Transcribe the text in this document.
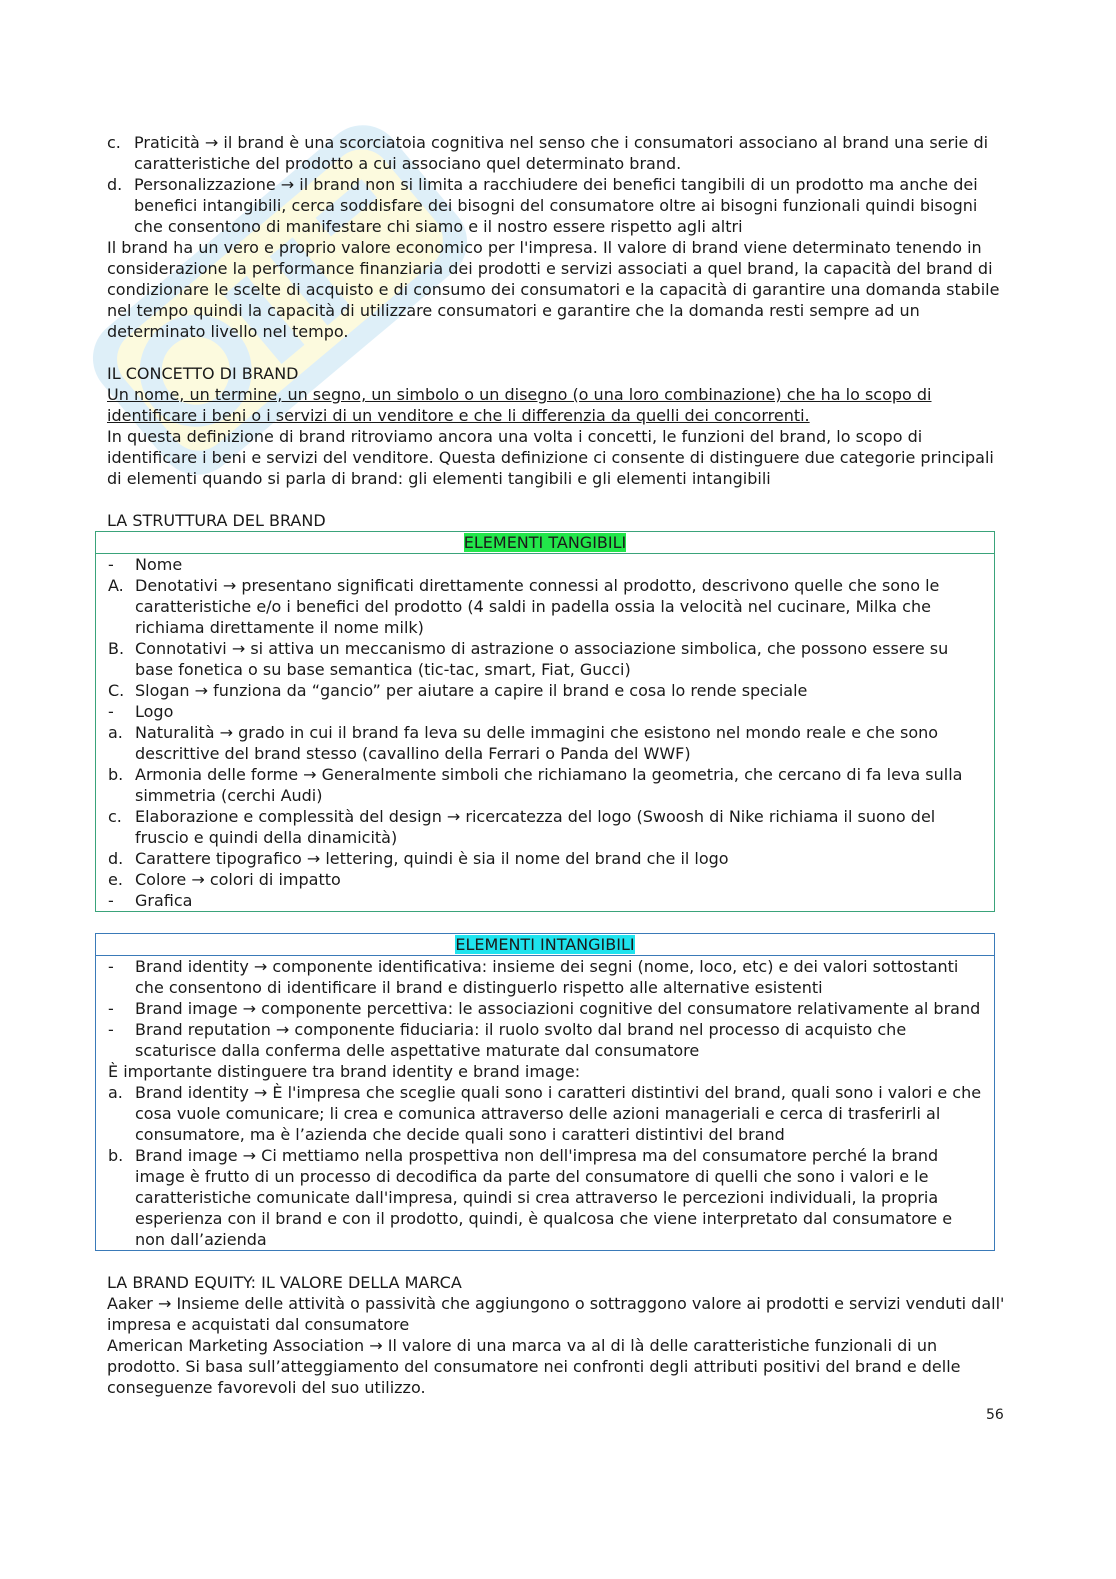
c. Praticità → il brand è una scorciatoia cognitiva nel senso che i consumatori associano al brand una serie di caratteristiche del prodotto a cui associano quel determinato brand.
d. Personalizzazione → il brand non si limita a racchiudere dei benefici tangibili di un prodotto ma anche dei benefici intangibili, cerca soddisfare dei bisogni del consumatore oltre ai bisogni funzionali quindi bisogni che consentono di manifestare chi siamo e il nostro essere rispetto agli altri

Il brand ha un vero e proprio valore economico per l'impresa. Il valore di brand viene determinato tenendo in considerazione la performance finanziaria dei prodotti e servizi associati a quel brand, la capacità del brand di condizionare le scelte di acquisto e di consumo dei consumatori e la capacità di garantire una domanda stabile nel tempo quindi la capacità di utilizzare consumatori e garantire che la domanda resti sempre ad un determinato livello nel tempo.

IL CONCETTO DI BRAND

Un nome, un termine, un segno, un simbolo o un disegno (o una loro combinazione) che ha lo scopo di identificare i beni o i servizi di un venditore e che li differenzia da quelli dei concorrenti.

In questa definizione di brand ritroviamo ancora una volta i concetti, le funzioni del brand, lo scopo di identificare i beni e servizi del venditore. Questa definizione ci consente di distinguere due categorie principali di elementi quando si parla di brand: gli elementi tangibili e gli elementi intangibili

LA STRUTTURA DEL BRAND

ELEMENTI TANGIBILI
-	Nome
A. Denotativi → presentano significati direttamente connessi al prodotto, descrivono quelle che sono le caratteristiche e/o i benefici del prodotto (4 saldi in padella ossia la velocità nel cucinare, Milka che richiama direttamente il nome milk)
B. Connotativi → si attiva un meccanismo di astrazione o associazione simbolica, che possono essere su base fonetica o su base semantica (tic-tac, smart, Fiat, Gucci)
C. Slogan → funziona da “gancio” per aiutare a capire il brand e cosa lo rende speciale
-	Logo
a. Naturalità → grado in cui il brand fa leva su delle immagini che esistono nel mondo reale e che sono descrittive del brand stesso (cavallino della Ferrari o Panda del WWF)
b. Armonia delle forme → Generalmente simboli che richiamano la geometria, che cercano di fa leva sulla simmetria (cerchi Audi)
c. Elaborazione e complessità del design → ricercatezza del logo (Swoosh di Nike richiama il suono del fruscio e quindi della dinamicità)
d. Carattere tipografico → lettering, quindi è sia il nome del brand che il logo
e. Colore → colori di impatto
-	Grafica
ELEMENTI INTANGIBILI
-	Brand identity → componente identificativa: insieme dei segni (nome, loco, etc) e dei valori sottostanti che consentono di identificare il brand e distinguerlo rispetto alle alternative esistenti
-	Brand image → componente percettiva: le associazioni cognitive del consumatore relativamente al brand
-	Brand reputation → componente fiduciaria: il ruolo svolto dal brand nel processo di acquisto che scaturisce dalla conferma delle aspettative maturate dal consumatore

È importante distinguere tra brand identity e brand image:

a. Brand identity → È l'impresa che sceglie quali sono i caratteri distintivi del brand, quali sono i valori e che cosa vuole comunicare; li crea e comunica attraverso delle azioni manageriali e cerca di trasferirli al consumatore, ma è l’azienda che decide quali sono i caratteri distintivi del brand
b. Brand image → Ci mettiamo nella prospettiva non dell'impresa ma del consumatore perché la brand image è frutto di un processo di decodifica da parte del consumatore di quelli che sono i valori e le caratteristiche comunicate dall'impresa, quindi si crea attraverso le percezioni individuali, la propria esperienza con il brand e con il prodotto, quindi, è qualcosa che viene interpretato dal consumatore e non dall’azienda

LA BRAND EQUITY: IL VALORE DELLA MARCA

Aaker → Insieme delle attività o passività che aggiungono o sottraggono valore ai prodotti e servizi venduti dall' impresa e acquistati dal consumatore

American Marketing Association → Il valore di una marca va al di là delle caratteristiche funzionali di un prodotto. Si basa sull’atteggiamento del consumatore nei confronti degli attributi positivi del brand e delle conseguenze favorevoli del suo utilizzo.

56
